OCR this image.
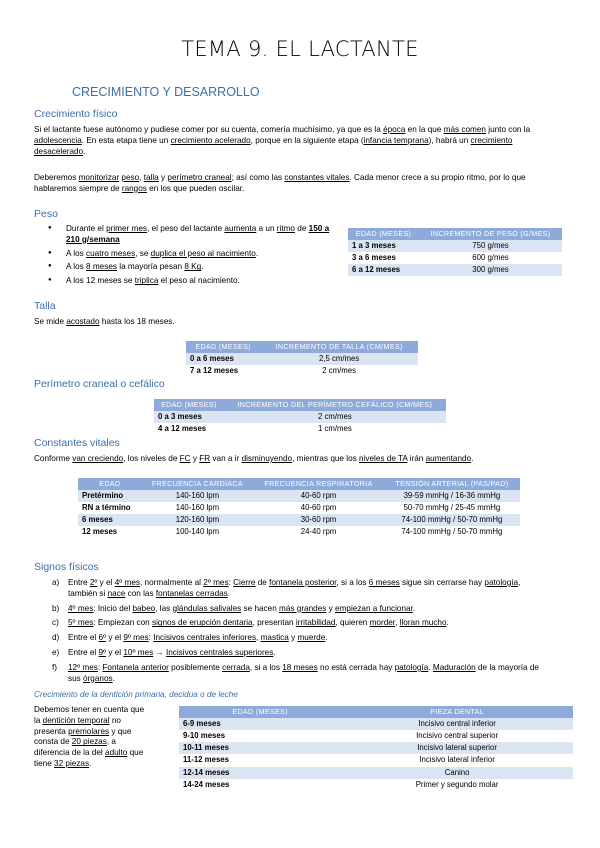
TEMA 9. EL LACTANTE
CRECIMIENTO Y DESARROLLO
Crecimiento físico
Si el lactante fuese autónomo y pudiese comer por su cuenta, comería muchísimo, ya que es la época en la que más comen junto con la adolescencia. En esta etapa tiene un crecimiento acelerado, porque en la siguiente etapa (infancia temprana), habrá un crecimiento desacelerado.
Deberemos monitorizar peso, talla y perímetro craneal; así como las constantes vitales. Cada menor crece a su propio ritmo, por lo que hablaremos siempre de rangos en los que pueden oscilar.
Peso
● Durante el primer mes, el peso del lactante aumenta a un ritmo de 150 a 210 g/semana
● A los cuatro meses, se duplica el peso al nacimiento.
● A los 8 meses la mayoría pesan 8 Kg.
● A los 12 meses se triplica el peso al nacimiento.
EDAD (MESES)	INCREMENTO DE PESO (G/MES)
1 a 3 meses	750 g/mes
3 a 6 meses	600 g/mes
6 a 12 meses	300 g/mes
Talla
Se mide acostado hasta los 18 meses.
EDAD (MESES)	INCREMENTO DE TALLA (CM/MES)
0 a 6 meses	2,5 cm/mes
7 a 12 meses	2 cm/mes
Perímetro craneal o cefálico
EDAD (MESES)	INCREMENTO DEL PERÍMETRO CEFÁLICO (CM/MES)
0 a 3 meses	2 cm/mes
4 a 12 meses	1 cm/mes
Constantes vitales
Conforme van creciendo, los niveles de FC y FR van a ir disminuyendo, mientras que los niveles de TA irán aumentando.
EDAD	FRECUENCIA CARDÍACA	FRECUENCIA RESPIRATORIA	TENSIÓN ARTERIAL (PAS/PAD)
Pretérmino	140-160 lpm	40-60 rpm	39-59 mmHg / 16-36 mmHg
RN a término	140-160 lpm	40-60 rpm	50-70 mmHg / 25-45 mmHg
6 meses	120-160 lpm	30-60 rpm	74-100 mmHg / 50-70 mmHg
12 meses	100-140 lpm	24-40 rpm	74-100 mmHg / 50-70 mmHg
Signos físicos
a) Entre 2º y el 4º mes, normalmente al 2º mes: Cierre de fontanela posterior, si a los 6 meses sigue sin cerrarse hay patología, también si nace con las fontanelas cerradas.
b) 4º mes: Inicio del babeo, las glándulas salivales se hacen más grandes y empiezan a funcionar.
c) 5º mes: Empiezan con signos de erupción dentaria, presentan irritabilidad, quieren morder, lloran mucho.
d) Entre el 6º y el 9º mes: Incisivos centrales inferiores, mastica y muerde.
e) Entre el 9º y el 10º mes → Incisivos centrales superiores.
f) 12º mes: Fontanela anterior posiblemente cerrada, si a los 18 meses no está cerrada hay patología. Maduración de la mayoría de sus órganos.
Crecimiento de la dentición primaria, decidua o de leche
Debemos tener en cuenta que la dentición temporal no presenta premolares y que consta de 20 piezas, a diferencia de la del adulto que tiene 32 piezas.
EDAD (MESES)	PIEZA DENTAL
6-9 meses	Incisivo central inferior
9-10 meses	Incisivo central superior
10-11 meses	Incisivo lateral superior
11-12 meses	Incisivo lateral inferior
12-14 meses	Canino
14-24 meses	Primer y segundo molar
